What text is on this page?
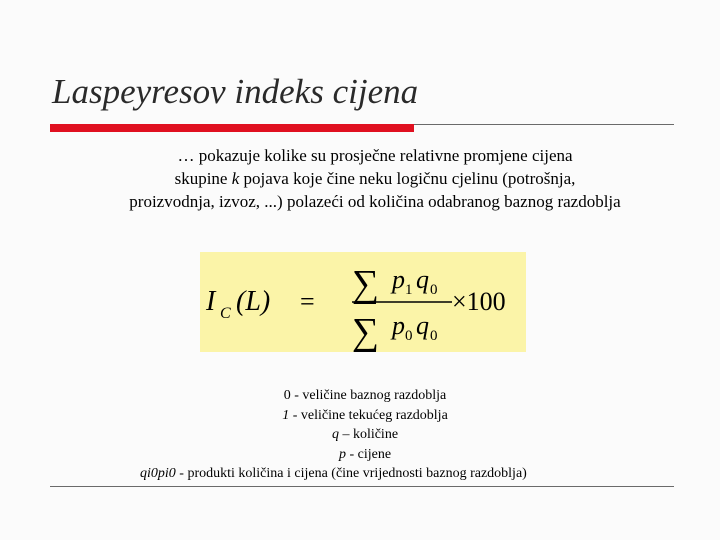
Laspeyresov indeks cijena
… pokazuje kolike su prosječne relativne promjene cijena
skupine k pojava koje čine neku logičnu cjelinu (potrošnja,
proizvodnja, izvoz, ...) polazeći od količina odabranog baznog razdoblja
I C (L) = ∑ p 1 q 0
∑ p 0 q 0
×100
0 - veličine baznog razdoblja
1 - veličine tekućeg razdoblja
q – količine
p - cijene
qi0pi0 - produkti količina i cijena (čine vrijednosti baznog razdoblja)
